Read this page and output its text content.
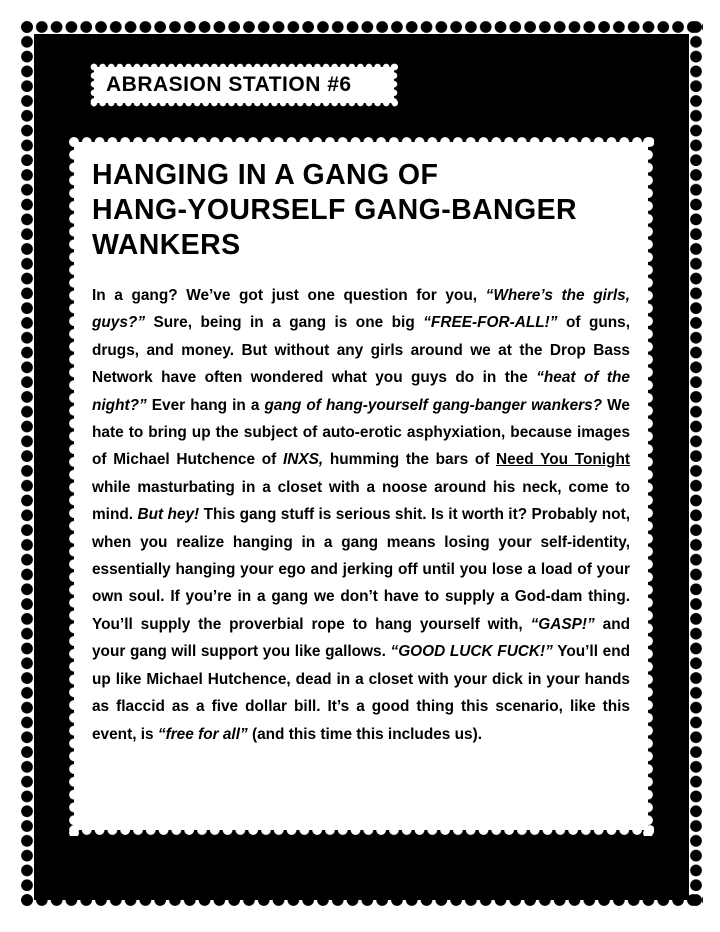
ABRASION STATION #6
HANGING IN A GANG OF
HANG-YOURSELF GANG-BANGER
WANKERS

In a gang? We’ve got just one question for you, “Where’s the girls, guys?” Sure, being in a gang is one big “FREE-FOR-ALL!” of guns, drugs, and money. But without any girls around we at the Drop Bass Network have often wondered what you guys do in the “heat of the night?” Ever hang in a gang of hang-yourself gang-banger wankers? We hate to bring up the subject of auto-erotic asphyxiation, because images of Michael Hutchence of INXS, humming the bars of Need You Tonight while masturbating in a closet with a noose around his neck, come to mind. But hey! This gang stuff is serious shit. Is it worth it? Probably not, when you realize hanging in a gang means losing your self-identity, essentially hanging your ego and jerking off until you lose a load of your own soul. If you’re in a gang we don’t have to supply a God-dam thing. You’ll supply the proverbial rope to hang yourself with, “GASP!” and your gang will support you like gallows. “GOOD LUCK FUCK!” You’ll end up like Michael Hutchence, dead in a closet with your dick in your hands as flaccid as a five dollar bill. It’s a good thing this scenario, like this event, is “free for all” (and this time this includes us).
